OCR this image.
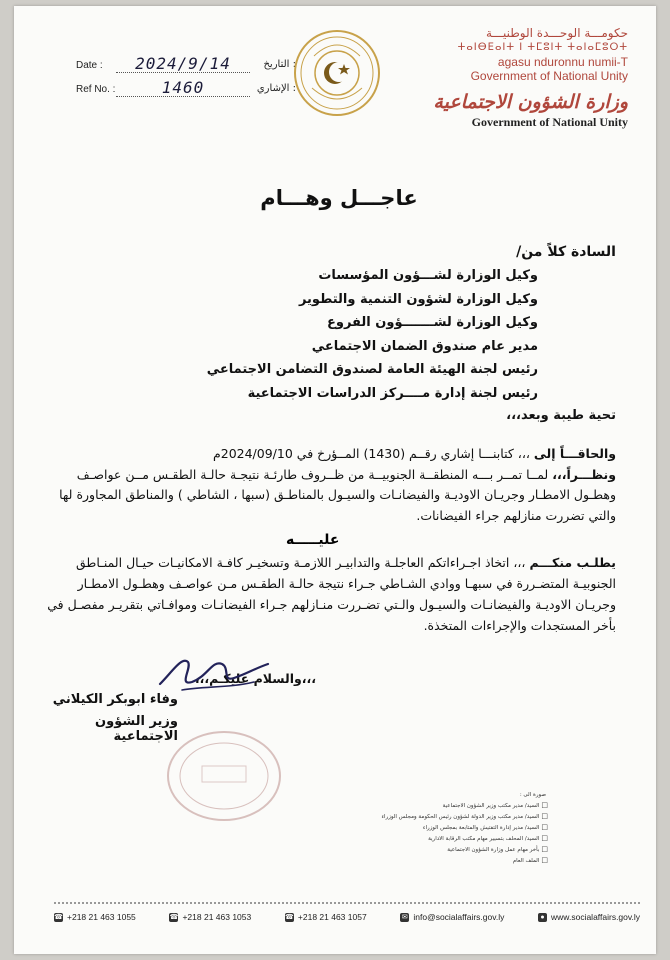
Date :	2024/9/14	التاريخ :
Ref No. :	1460	الإشاري :
حكومـــة الوحـــدة الوطنيـــة
ⵜⴰⵏⴱⴹⴰⵏⵜ ⵏ ⵜⵎⵓⵏⵜ ⵜⴰⵏⴰⵎⵓⵔⵜ
agasu nduronnu numii-T
Government of National Unity
وزارة الشؤون الاجتماعية
Government of National Unity
عاجـــل وهـــام
السادة كلاً من/
وكيل الوزارة لشـــؤون المؤسسات
وكيل الوزارة لشؤون التنمية والتطوير
وكيل الوزارة لشـــــــؤون الفروع
مدير عام صندوق الضمان الاجتماعي
رئيس لجنة الهيئة العامة لصندوق التضامن الاجتماعي
رئيس لجنة إدارة مــــركز الدراسات الاجتماعية
تحية طيبة وبعد،،،
والحاقـــاً إلى ،،، كتابنـــا إشاري رقــم (1430) المــؤرخ في 2024/09/10م
ونظـــراً،،، لمــا تمــر بـــه المنطقــة الجنوبيــة من ظــروف طارئـة نتيجـة حالـة الطقـس مــن عواصـف وهطـول الامطـار وجريـان الاوديـة والفيضانـات والسيـول بالمناطـق (سبها ، الشاطي ) والمناطق المجاورة لها والتي تضررت منازلهم جراء الفيضانات.
عليـــــه
يطلـب منكـــم ،،، اتخاذ اجـراءاتكم العاجلـة والتدابيـر اللازمـة وتسخيـر كافـة الامكانيـات حيـال المنـاطق الجنوبيـة المتضـررة في سبهـا ووادي الشـاطي جـراء نتيجة حالـة الطقـس مـن عواصـف وهطـول الامطـار وجريـان الاوديـة والفيضانـات والسيـول والـتي تضـررت منـازلهم جـراء الفيضانـات وموافـاتي بتقريـر مفصـل في بأخر المستجدات والإجراءات المتخذة.
،،،والسلام عليكـم،،،
وفاء ابوبكر الكيلاني
وزير الشؤون الاجتماعية
صورة الى :
□ السيد/ مدير مكتب وزير الشؤون الاجتماعية
□ السيد/ مدير مكتب وزير الدولة لشؤون رئيس الحكومة ومجلس الوزراء
□ السيد/ مدير إدارة التفتيش والمتابعة بمجلس الوزراء
□ السيد/ المحلف بتسيير مهام مكتب الرقابة الادارية
□ بأخر مهام عمل وزارة الشؤون الاجتماعية
□ الملف العام
☎ +218 21 463 1055	☎ +218 21 463 1053	☎ +218 21 463 1057	✉ info@socialaffairs.gov.ly	● www.socialaffairs.gov.ly
